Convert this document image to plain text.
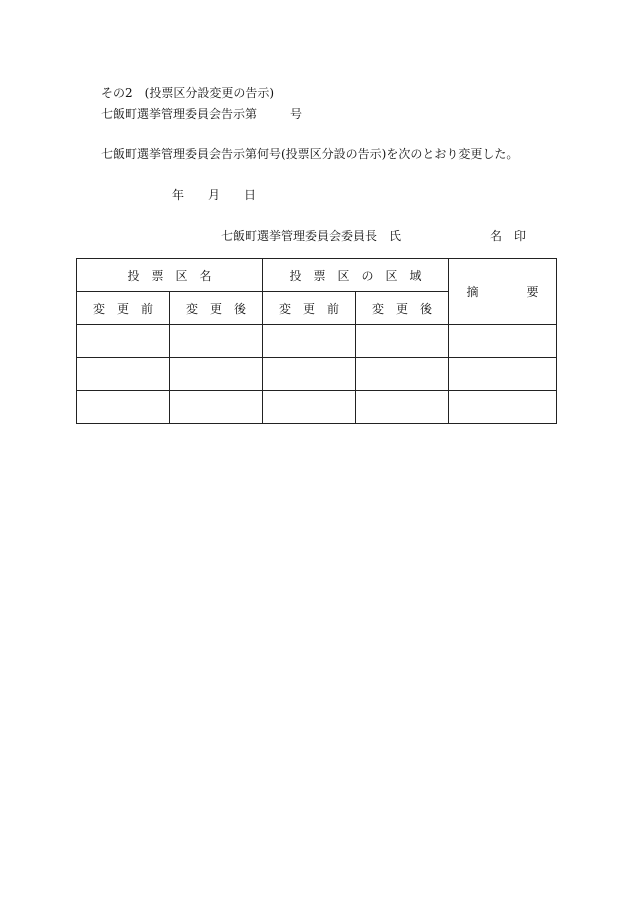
その2　(投票区分設変更の告示)
七飯町選挙管理委員会告示第	号
七飯町選挙管理委員会告示第何号(投票区分設の告示)を次のとおり変更した。
年 月 日
七飯町選挙管理委員会委員長　氏	名 印
投　票　区　名		投　票　区　の　区　域		摘　　　　要
変　更　前	変　更　後	変　更　前	変　更　後	
